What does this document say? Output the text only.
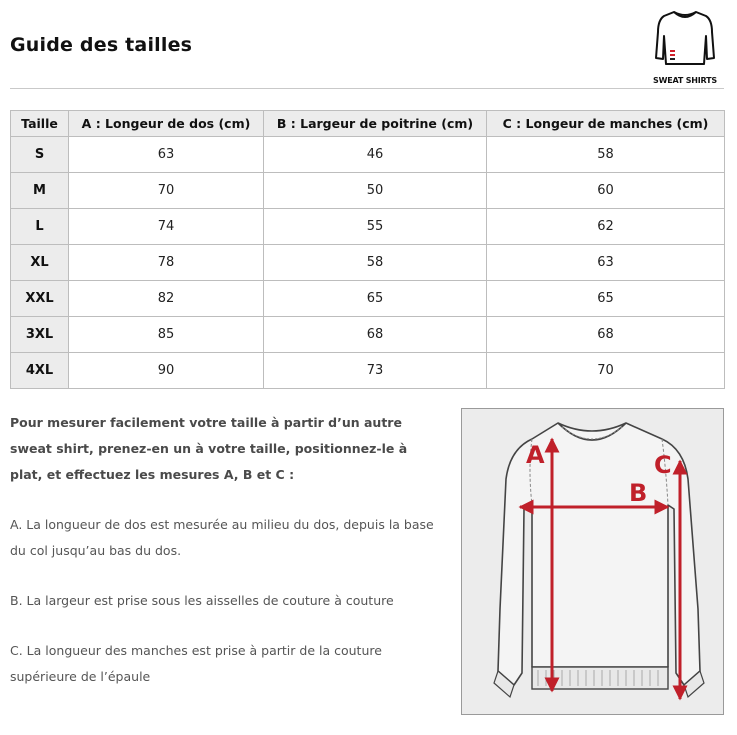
Guide des tailles
SWEAT SHIRTS
Taille	A : Longeur de dos (cm)	B : Largeur de poitrine (cm)	C : Longeur de manches (cm)
S	63	46	58
M	70	50	60
L	74	55	62
XL	78	58	63
XXL	82	65	65
3XL	85	68	68
4XL	90	73	70

Pour mesurer facilement votre taille à partir d’un autre sweat shirt, prenez-en un à votre taille, positionnez-le à plat, et effectuez les mesures A, B et C :

A. La longueur de dos est mesurée au milieu du dos, depuis la base du col jusqu’au bas du dos.

B. La largeur est prise sous les aisselles de couture à couture

C. La longueur des manches est prise à partir de la couture supérieure de l’épaule

A
B
C
